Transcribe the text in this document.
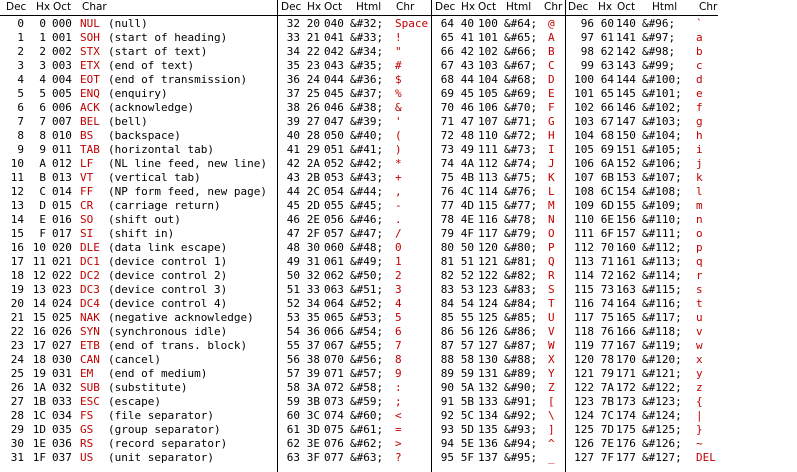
Dec Hx Oct Char
0	0 000 NUL (null)
1	1 001 SOH (start of heading)
2	2 002 STX (start of text)
3	3 003 ETX (end of text)
4	4 004 EOT (end of transmission)
5	5 005 ENQ (enquiry)
6	6 006 ACK (acknowledge)
7	7 007 BEL (bell)
8	8 010 BS	(backspace)
9	9 011 TAB (horizontal tab)
10	A 012 LF	(NL line feed, new line)
11	B 013 VT	(vertical tab)
12	C 014 FF	(NP form feed, new page)
13	D 015 CR	(carriage return)
14	E 016 SO	(shift out)
15	F 017 SI	(shift in)
16 10 020 DLE (data link escape)
17 11 021 DC1 (device control 1)
18 12 022 DC2 (device control 2)
19 13 023 DC3 (device control 3)
20 14 024 DC4 (device control 4)
21 15 025 NAK (negative acknowledge)
22 16 026 SYN (synchronous idle)
23 17 027 ETB (end of trans. block)
24 18 030 CAN (cancel)
25 19 031 EM	(end of medium)
26 1A 032 SUB (substitute)
27 1B 033 ESC (escape)
28 1C 034 FS	(file separator)
29 1D 035 GS	(group separator)
30 1E 036 RS	(record separator)
31 1F 037 US	(unit separator)
Dec Hx Oct Html Chr
32 20 040 &#32;	Space
33 21 041 &#33;	!
34 22 042 &#34;	"
35 23 043 &#35;	#
36 24 044 &#36;	$
37 25 045 &#37;	%
38 26 046 &#38;	&
39 27 047 &#39;	'
40 28 050 &#40;	(
41 29 051 &#41;	)
42 2A 052 &#42;	*
43 2B 053 &#43;	+
44 2C 054 &#44;	,
45 2D 055 &#45;	-
46 2E 056 &#46;	.
47 2F 057 &#47;	/
48 30 060 &#48;	0
49 31 061 &#49;	1
50 32 062 &#50;	2
51 33 063 &#51;	3
52 34 064 &#52;	4
53 35 065 &#53;	5
54 36 066 &#54;	6
55 37 067 &#55;	7
56 38 070 &#56;	8
57 39 071 &#57;	9
58 3A 072 &#58;	:
59 3B 073 &#59;	;
60 3C 074 &#60;	<
61 3D 075 &#61;	=
62 3E 076 &#62;	>
63 3F 077 &#63;	?
Dec Hx Oct Html Chr
64 40 100 &#64; @
65 41 101 &#65; A
66 42 102 &#66; B
67 43 103 &#67; C
68 44 104 &#68; D
69 45 105 &#69; E
70 46 106 &#70; F
71 47 107 &#71; G
72 48 110 &#72; H
73 49 111 &#73; I
74 4A 112 &#74; J
75 4B 113 &#75; K
76 4C 114 &#76; L
77 4D 115 &#77; M
78 4E 116 &#78; N
79 4F 117 &#79; O
80 50 120 &#80; P
81 51 121 &#81; Q
82 52 122 &#82; R
83 53 123 &#83; S
84 54 124 &#84; T
85 55 125 &#85; U
86 56 126 &#86; V
87 57 127 &#87; W
88 58 130 &#88; X
89 59 131 &#89; Y
90 5A 132 &#90; Z
91 5B 133 &#91; [
92 5C 134 &#92; \
93 5D 135 &#93; ]
94 5E 136 &#94; ^
95 5F 137 &#95; _
Dec Hx Oct Html Chr
96 60 140 &#96;	`
97 61 141 &#97;	a
98 62 142 &#98;	b
99 63 143 &#99;	c
100 64 144 &#100;	d
101 65 145 &#101;	e
102 66 146 &#102;	f
103 67 147 &#103;	g
104 68 150 &#104;	h
105 69 151 &#105;	i
106 6A 152 &#106;	j
107 6B 153 &#107;	k
108 6C 154 &#108;	l
109 6D 155 &#109;	m
110 6E 156 &#110;	n
111 6F 157 &#111;	o
112 70 160 &#112;	p
113 71 161 &#113;	q
114 72 162 &#114;	r
115 73 163 &#115;	s
116 74 164 &#116;	t
117 75 165 &#117;	u
118 76 166 &#118;	v
119 77 167 &#119;	w
120 78 170 &#120;	x
121 79 171 &#121;	y
122 7A 172 &#122;	z
123 7B 173 &#123;	{
124 7C 174 &#124;	|
125 7D 175 &#125;	}
126 7E 176 &#126;	~
127 7F 177 &#127;	DEL
